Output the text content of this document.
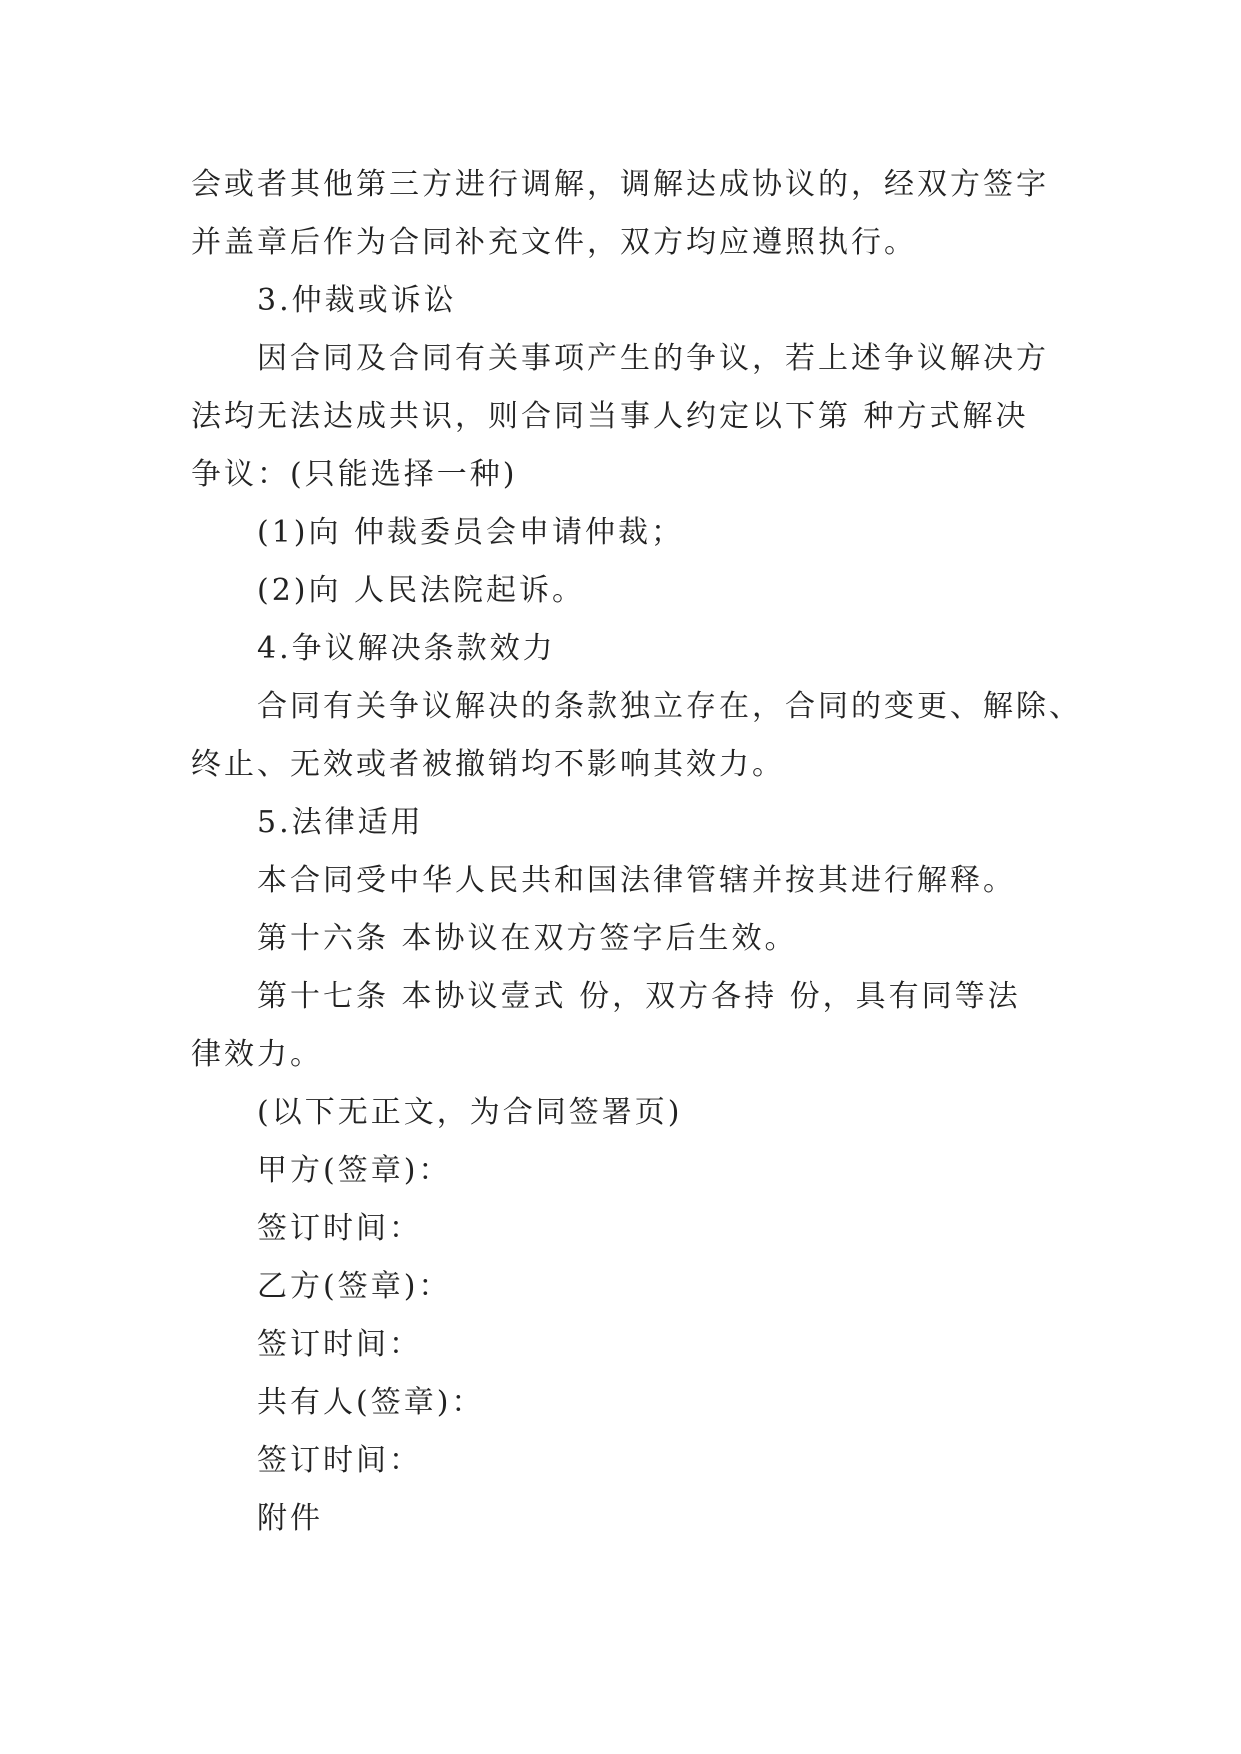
会或者其他第三方进行调解，调解达成协议的，经双方签字

并盖章后作为合同补充文件，双方均应遵照执行。

3.仲裁或诉讼

因合同及合同有关事项产生的争议，若上述争议解决方

法均无法达成共识，则合同当事人约定以下第 种方式解决

争议：(只能选择一种)

(1)向 仲裁委员会申请仲裁；

(2)向 人民法院起诉。

4.争议解决条款效力

合同有关争议解决的条款独立存在，合同的变更、解除、

终止、无效或者被撤销均不影响其效力。

5.法律适用

本合同受中华人民共和国法律管辖并按其进行解释。

第十六条 本协议在双方签字后生效。

第十七条 本协议壹式 份，双方各持 份，具有同等法

律效力。

(以下无正文，为合同签署页)

甲方(签章)：

签订时间：

乙方(签章)：

签订时间：

共有人(签章)：

签订时间：

附件
